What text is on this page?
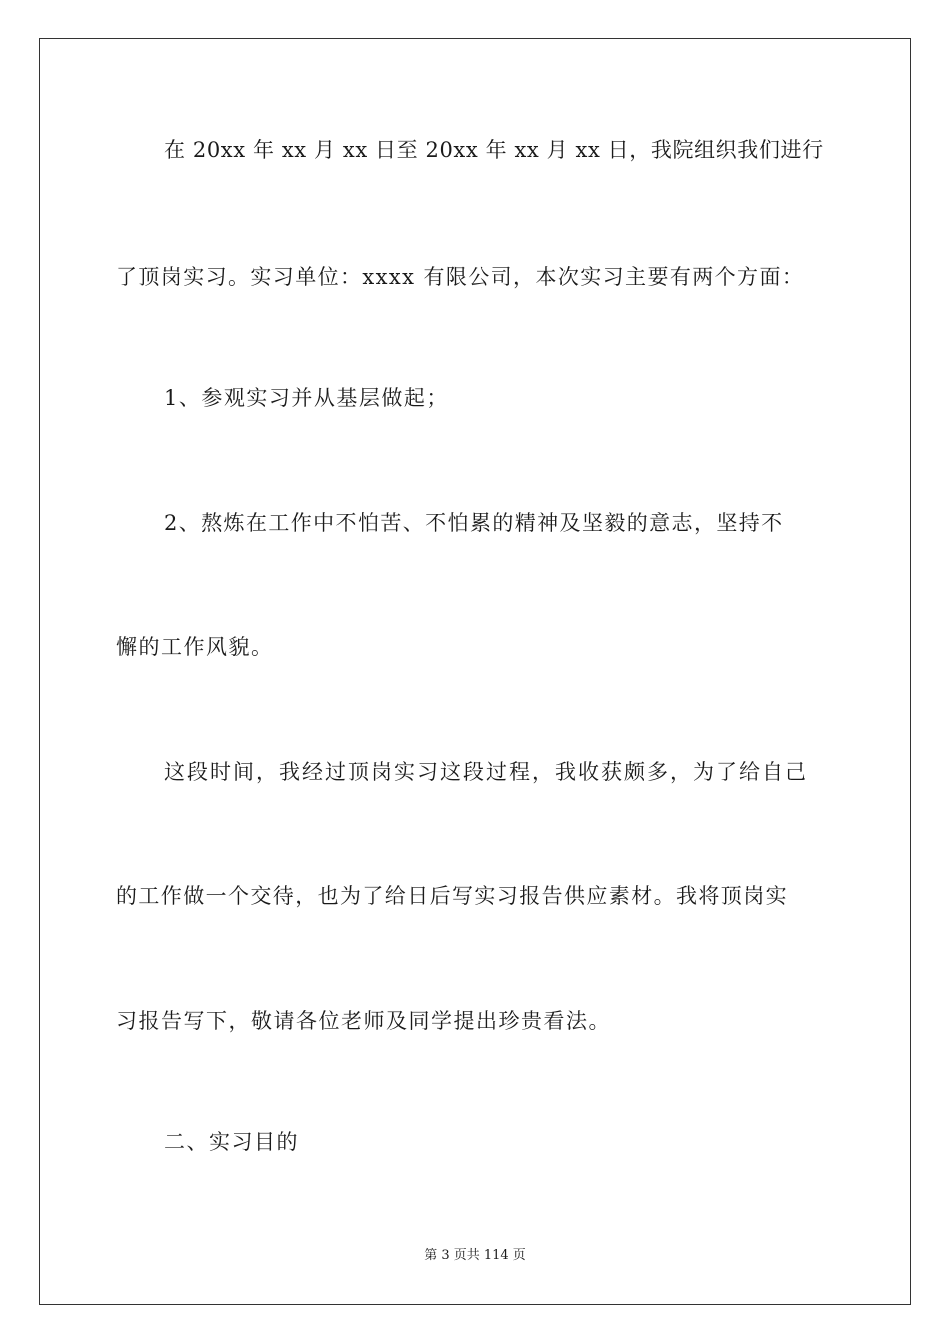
在 20xx 年 xx 月 xx 日至 20xx 年 xx 月 xx 日，我院组织我们进行
了顶岗实习。实习单位：xxxx 有限公司，本次实习主要有两个方面：
1、参观实习并从基层做起；
2、熬炼在工作中不怕苦、不怕累的精神及坚毅的意志，坚持不
懈的工作风貌。
这段时间，我经过顶岗实习这段过程，我收获颇多，为了给自己
的工作做一个交待，也为了给日后写实习报告供应素材。我将顶岗实
习报告写下，敬请各位老师及同学提出珍贵看法。
二、实习目的
第 3 页共 114 页
